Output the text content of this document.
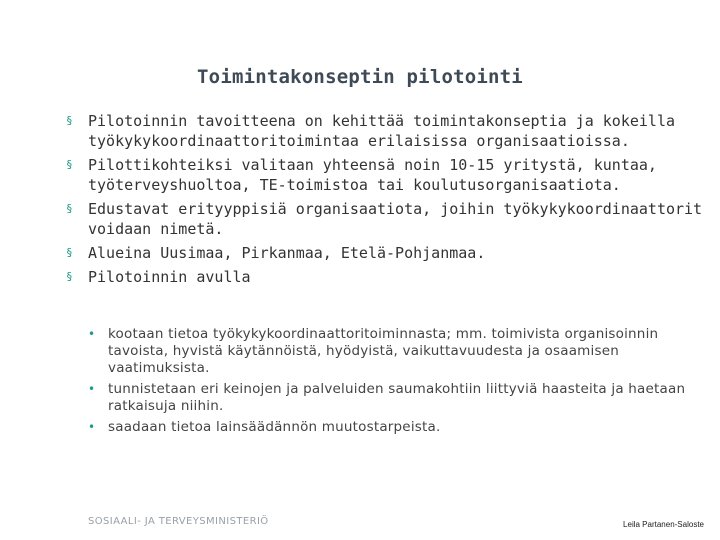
Toimintakonseptin pilotointi
§ Pilotoinnin tavoitteena on kehittää toimintakonseptia ja kokeilla työkykykoordinaattoritoimintaa erilaisissa organisaatioissa.
§ Pilottikohteiksi valitaan yhteensä noin 10-15 yritystä, kuntaa, työterveyshuoltoa, TE-toimistoa tai koulutusorganisaatiota.
§ Edustavat erityyppisiä organisaatiota, joihin työkykykoordinaattorit voidaan nimetä.
§ Alueina Uusimaa, Pirkanmaa, Etelä-Pohjanmaa.
§ Pilotoinnin avulla
• kootaan tietoa työkykykoordinaattoritoiminnasta; mm. toimivista organisoinnin tavoista, hyvistä käytännöistä, hyödyistä, vaikuttavuudesta ja osaamisen vaatimuksista.
• tunnistetaan eri keinojen ja palveluiden saumakohtiin liittyviä haasteita ja haetaan ratkaisuja niihin.
• saadaan tietoa lainsäädännön muutostarpeista.
SOSIAALI- JA TERVEYSMINISTERIÖ	Leila Partanen-Saloste
